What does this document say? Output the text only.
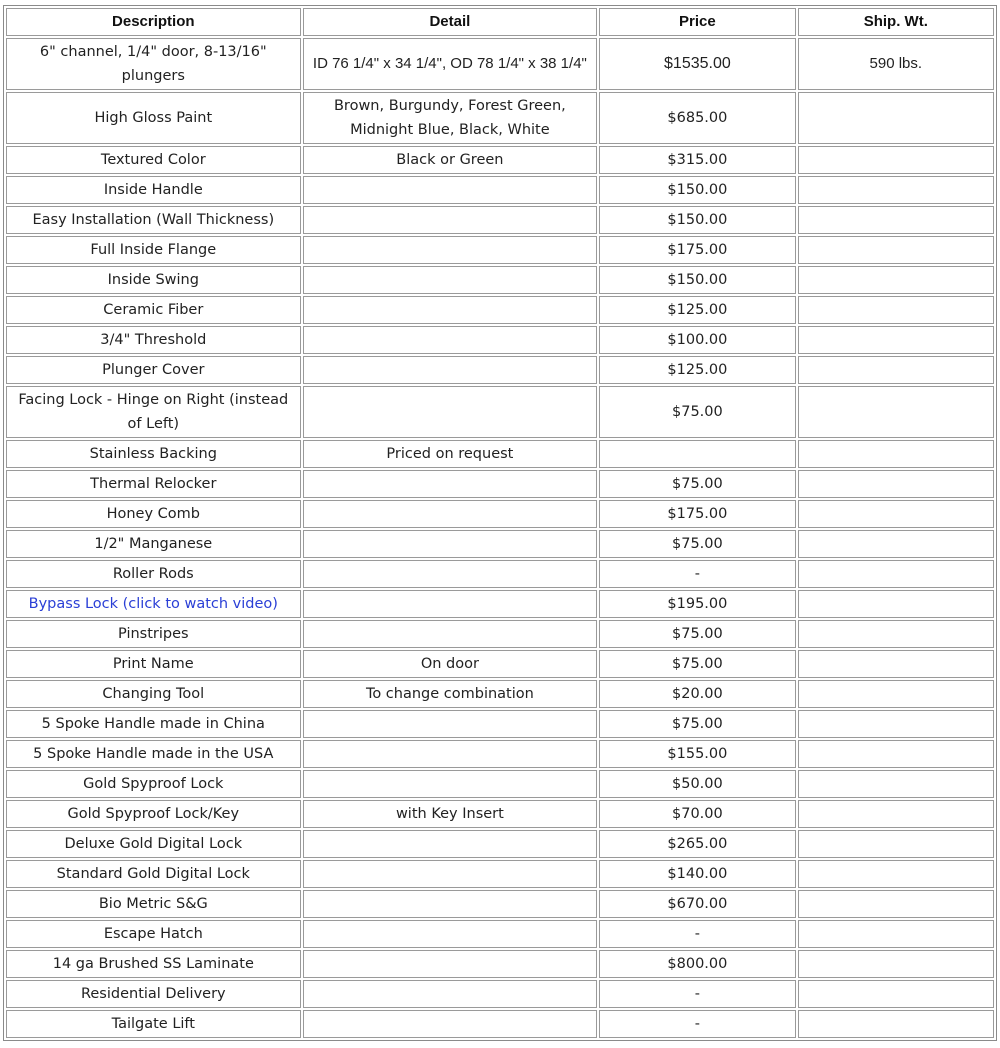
Description	Detail	Price	Ship. Wt.
6" channel, 1/4" door, 8-13/16" plungers	ID 76 1/4" x 34 1/4", OD 78 1/4" x 38 1/4"	$1535.00	590 lbs.
High Gloss Paint	Brown, Burgundy, Forest Green, Midnight Blue, Black, White	$685.00	
Textured Color	Black or Green	$315.00	
Inside Handle		$150.00	
Easy Installation (Wall Thickness)		$150.00	
Full Inside Flange		$175.00	
Inside Swing		$150.00	
Ceramic Fiber		$125.00	
3/4" Threshold		$100.00	
Plunger Cover		$125.00	
Facing Lock - Hinge on Right (instead of Left)		$75.00	
Stainless Backing	Priced on request		
Thermal Relocker		$75.00	
Honey Comb		$175.00	
1/2" Manganese		$75.00	
Roller Rods		-	
Bypass Lock (click to watch video)		$195.00	
Pinstripes		$75.00	
Print Name	On door	$75.00	
Changing Tool	To change combination	$20.00	
5 Spoke Handle made in China		$75.00	
5 Spoke Handle made in the USA		$155.00	
Gold Spyproof Lock		$50.00	
Gold Spyproof Lock/Key	with Key Insert	$70.00	
Deluxe Gold Digital Lock		$265.00	
Standard Gold Digital Lock		$140.00	
Bio Metric S&G		$670.00	
Escape Hatch		-	
14 ga Brushed SS Laminate		$800.00	
Residential Delivery		-	
Tailgate Lift		-	
